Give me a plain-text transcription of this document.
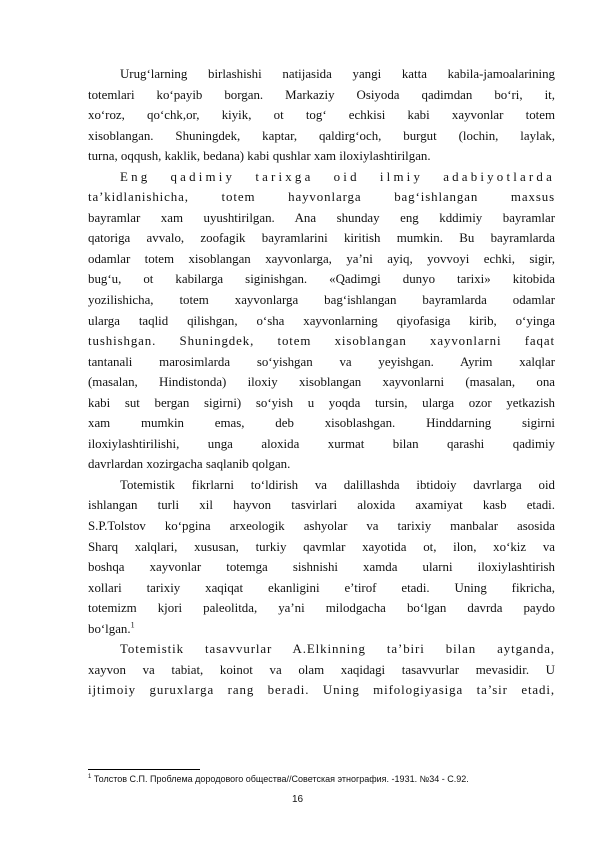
Urug‘larning birlashishi natijasida yangi katta kabila-jamoalarining
totemlari ko‘payib borgan. Markaziy Osiyoda qadimdan bo‘ri, it,
xo‘roz, qo‘chk,or, kiyik, ot tog‘ echkisi kabi xayvonlar totem
xisoblangan. Shuningdek, kaptar, qaldirg‘och, burgut (lochin, laylak,
turna, oqqush, kaklik, bedana) kabi qushlar xam iloxiylashtirilgan.
Eng qadimiy tarixga oid ilmiy adabiyotlarda
ta’kidlanishicha, totem hayvonlarga bag‘ishlangan maxsus
bayramlar xam uyushtirilgan. Ana shunday eng kddimiy bayramlar
qatoriga avvalo, zoofagik bayramlarini kiritish mumkin. Bu bayramlarda
odamlar totem xisoblangan xayvonlarga, ya’ni ayiq, yovvoyi echki, sigir,
bug‘u, ot kabilarga siginishgan. «Qadimgi dunyo tarixi» kitobida
yozilishicha, totem xayvonlarga bag‘ishlangan bayramlarda odamlar
ularga taqlid qilishgan, o‘sha xayvonlarning qiyofasiga kirib, o‘yinga
tushishgan. Shuningdek, totem xisoblangan xayvonlarni faqat
tantanali marosimlarda so‘yishgan va yeyishgan. Ayrim xalqlar
(masalan, Hindistonda) iloxiy xisoblangan xayvonlarni (masalan, ona
kabi sut bergan sigirni) so‘yish u yoqda tursin, ularga ozor yetkazish
xam mumkin emas, deb xisoblashgan. Hinddarning sigirni
iloxiylashtirilishi, unga aloxida xurmat bilan qarashi qadimiy
davrlardan xozirgacha saqlanib qolgan.
Totemistik fikrlarni to‘ldirish va dalillashda ibtidoiy davrlarga oid
ishlangan turli xil hayvon tasvirlari aloxida axamiyat kasb etadi.
S.P.Tolstov ko‘pgina arxeologik ashyolar va tarixiy manbalar asosida
Sharq xalqlari, xususan, turkiy qavmlar xayotida ot, ilon, xo‘kiz va
boshqa xayvonlar totemga sishnishi xamda ularni iloxiylashtirish
xollari tarixiy xaqiqat ekanligini e’tirof etadi. Uning fikricha,
totemizm kjori paleolitda, ya’ni milodgacha bo‘lgan davrda paydo
bo‘lgan.$^1$
Totemistik tasavvurlar A.Elkinning ta’biri bilan aytganda,
xayvon va tabiat, koinot va olam xaqidagi tasavvurlar mevasidir. U
ijtimoiy guruxlarga rang beradi. Uning mifologiyasiga ta’sir etadi,
$^1$ Толстов С.П. Проблема дородового общества//Советская этнография. -1931. №34 - С.92.
16
